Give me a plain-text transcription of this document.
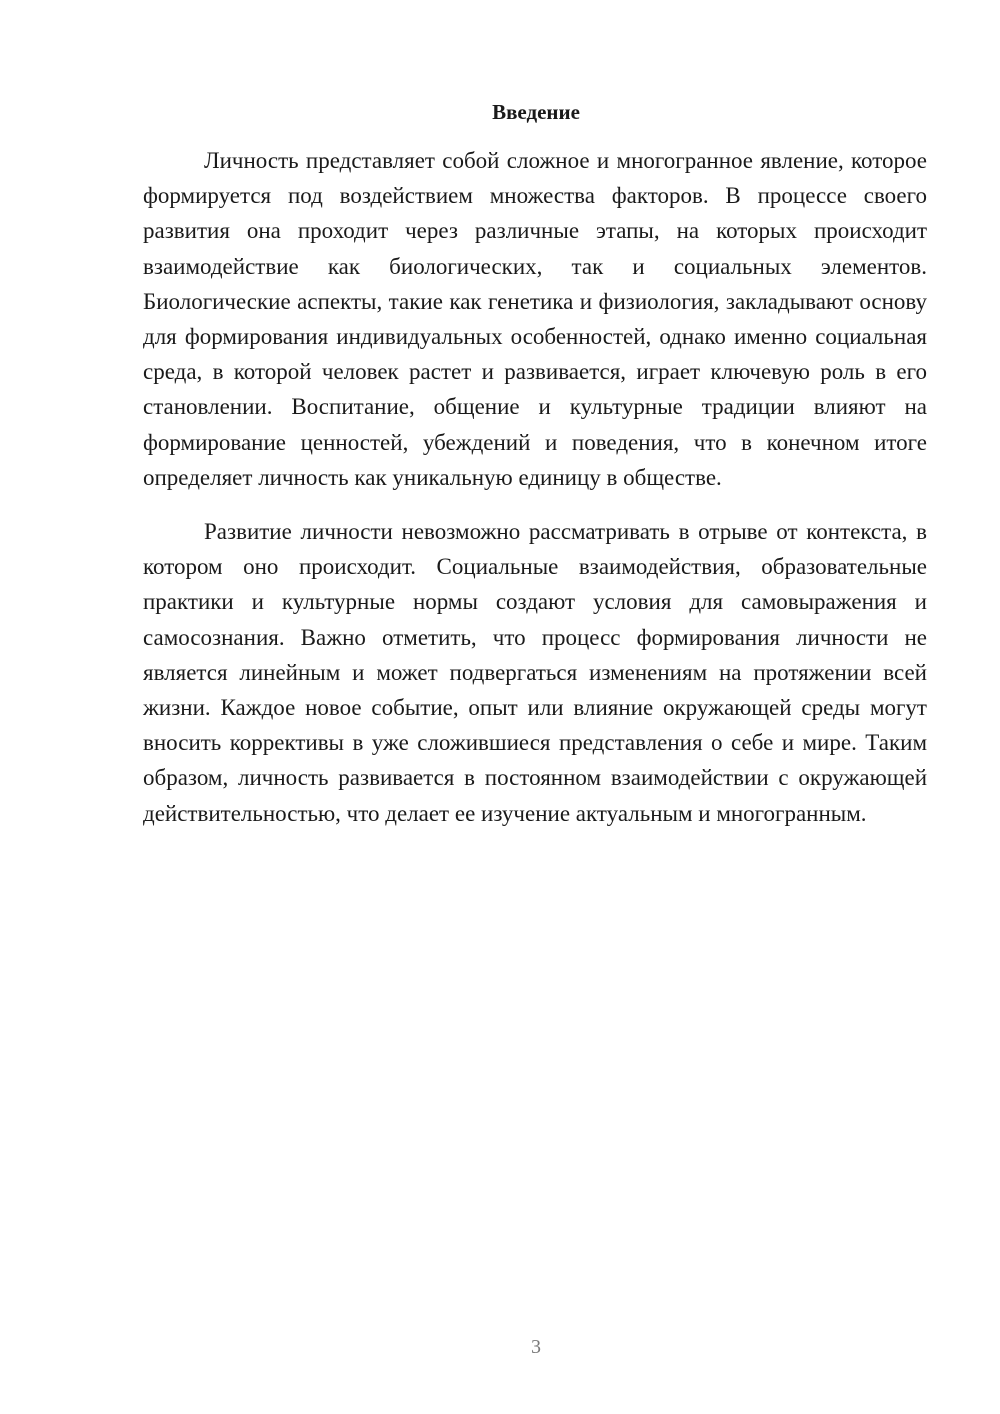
Введение

Личность представляет собой сложное и многогранное явление, которое формируется под воздействием множества факторов. В процессе своего развития она проходит через различные этапы, на которых происходит взаимодействие как биологических, так и социальных элементов. Биологические аспекты, такие как генетика и физиология, закладывают основу для формирования индивидуальных особенностей, однако именно социальная среда, в которой человек растет и развивается, играет ключевую роль в его становлении. Воспитание, общение и культурные традиции влияют на формирование ценностей, убеждений и поведения, что в конечном итоге определяет личность как уникальную единицу в обществе.

Развитие личности невозможно рассматривать в отрыве от контекста, в котором оно происходит. Социальные взаимодействия, образовательные практики и культурные нормы создают условия для самовыражения и самосознания. Важно отметить, что процесс формирования личности не является линейным и может подвергаться изменениям на протяжении всей жизни. Каждое новое событие, опыт или влияние окружающей среды могут вносить коррективы в уже сложившиеся представления о себе и мире. Таким образом, личность развивается в постоянном взаимодействии с окружающей действительностью, что делает ее изучение актуальным и многогранным.

3
